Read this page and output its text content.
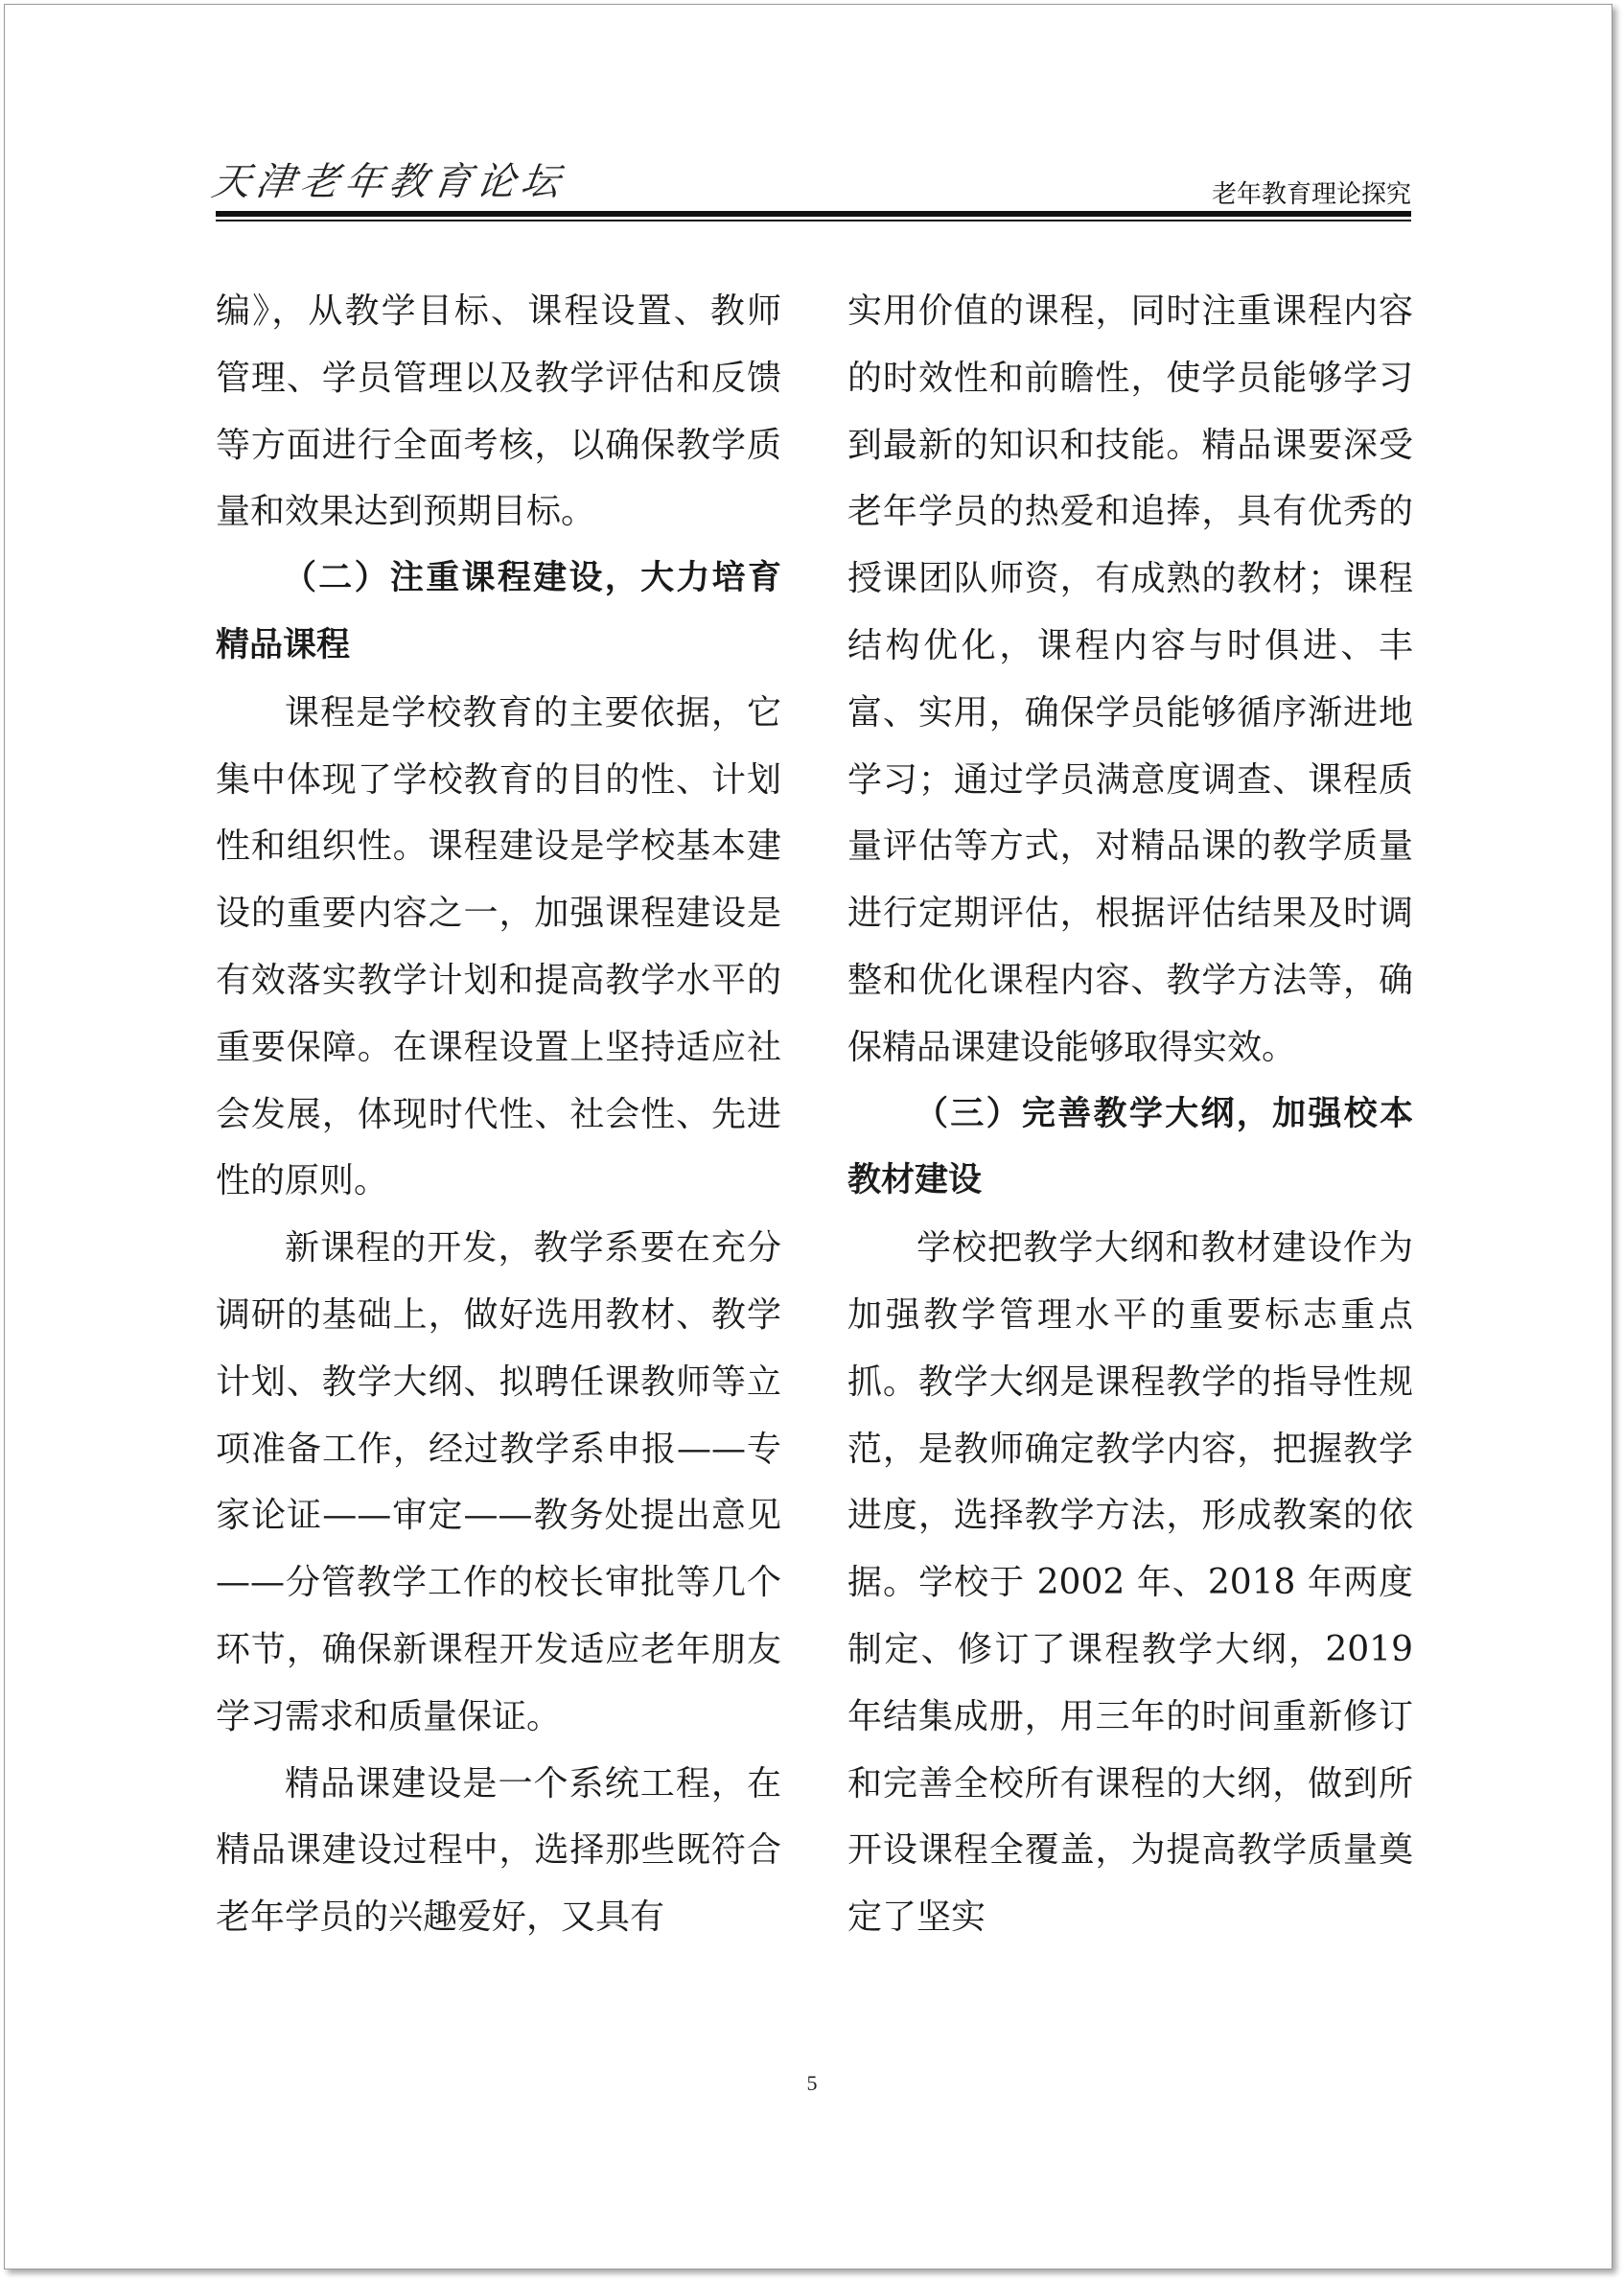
天津老年教育论坛	老年教育理论探究

编》，从教学目标、课程设置、教师管理、学员管理以及教学评估和反馈等方面进行全面考核，以确保教学质量和效果达到预期目标。

（二）注重课程建设，大力培育精品课程

课程是学校教育的主要依据，它集中体现了学校教育的目的性、计划性和组织性。课程建设是学校基本建设的重要内容之一，加强课程建设是有效落实教学计划和提高教学水平的重要保障。在课程设置上坚持适应社会发展，体现时代性、社会性、先进性的原则。

新课程的开发，教学系要在充分调研的基础上，做好选用教材、教学计划、教学大纲、拟聘任课教师等立项准备工作，经过教学系申报——专家论证——审定——教务处提出意见——分管教学工作的校长审批等几个环节，确保新课程开发适应老年朋友学习需求和质量保证。

精品课建设是一个系统工程，在精品课建设过程中，选择那些既符合老年学员的兴趣爱好，又具有

实用价值的课程，同时注重课程内容的时效性和前瞻性，使学员能够学习到最新的知识和技能。精品课要深受老年学员的热爱和追捧，具有优秀的授课团队师资，有成熟的教材；课程结构优化，课程内容与时俱进、丰富、实用，确保学员能够循序渐进地学习；通过学员满意度调查、课程质量评估等方式，对精品课的教学质量进行定期评估，根据评估结果及时调整和优化课程内容、教学方法等，确保精品课建设能够取得实效。

（三）完善教学大纲，加强校本教材建设

学校把教学大纲和教材建设作为加强教学管理水平的重要标志重点抓。教学大纲是课程教学的指导性规范，是教师确定教学内容，把握教学进度，选择教学方法，形成教案的依据。学校于 2002 年、2018 年两度制定、修订了课程教学大纲，2019 年结集成册，用三年的时间重新修订和完善全校所有课程的大纲，做到所开设课程全覆盖，为提高教学质量奠定了坚实

5
